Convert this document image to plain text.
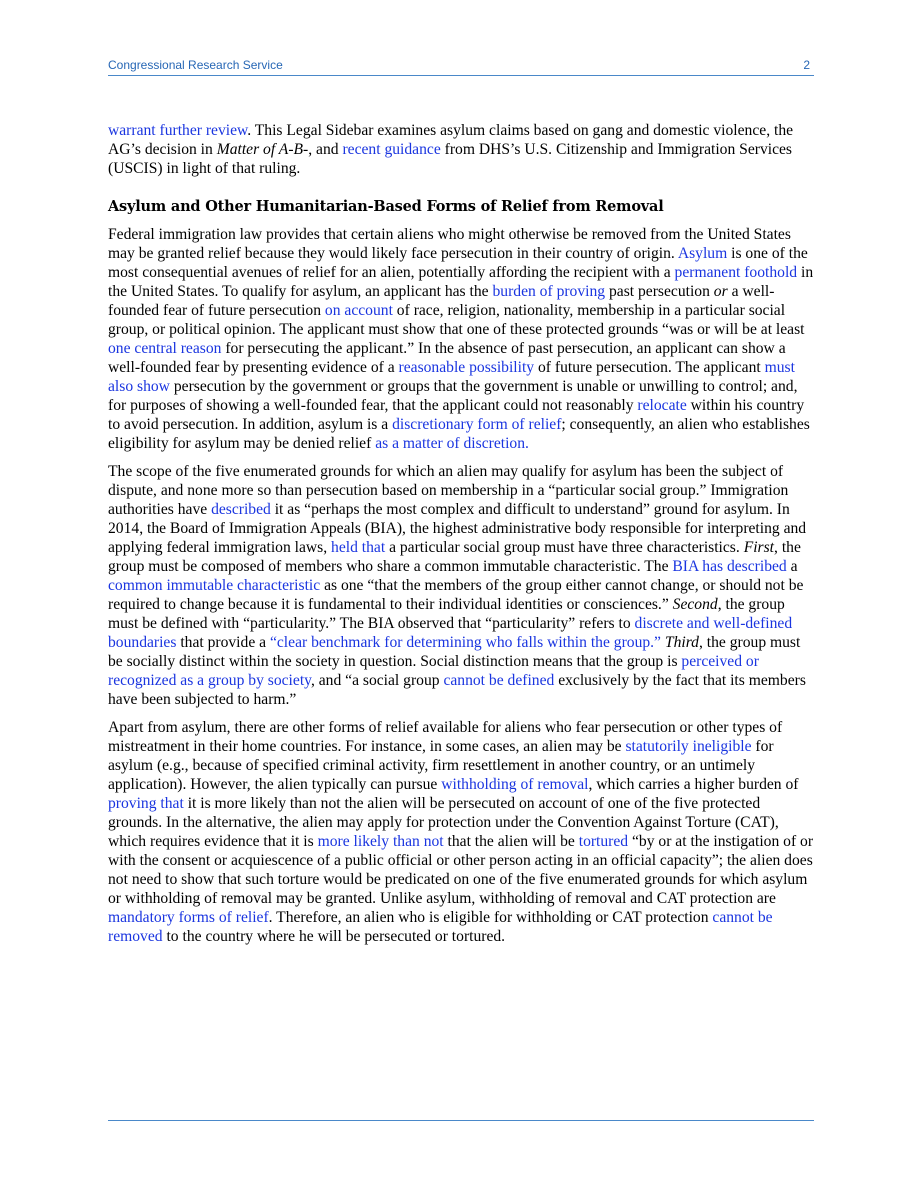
Congressional Research Service	2

warrant further review. This Legal Sidebar examines asylum claims based on gang and domestic violence, the AG’s decision in Matter of A-B-, and recent guidance from DHS’s U.S. Citizenship and Immigration Services (USCIS) in light of that ruling.

Asylum and Other Humanitarian-Based Forms of Relief from Removal

Federal immigration law provides that certain aliens who might otherwise be removed from the United States may be granted relief because they would likely face persecution in their country of origin. Asylum is one of the most consequential avenues of relief for an alien, potentially affording the recipient with a permanent foothold in the United States. To qualify for asylum, an applicant has the burden of proving past persecution or a well-founded fear of future persecution on account of race, religion, nationality, membership in a particular social group, or political opinion. The applicant must show that one of these protected grounds “was or will be at least one central reason for persecuting the applicant.” In the absence of past persecution, an applicant can show a well-founded fear by presenting evidence of a reasonable possibility of future persecution. The applicant must also show persecution by the government or groups that the government is unable or unwilling to control; and, for purposes of showing a well-founded fear, that the applicant could not reasonably relocate within his country to avoid persecution. In addition, asylum is a discretionary form of relief; consequently, an alien who establishes eligibility for asylum may be denied relief as a matter of discretion.

The scope of the five enumerated grounds for which an alien may qualify for asylum has been the subject of dispute, and none more so than persecution based on membership in a “particular social group.” Immigration authorities have described it as “perhaps the most complex and difficult to understand” ground for asylum. In 2014, the Board of Immigration Appeals (BIA), the highest administrative body responsible for interpreting and applying federal immigration laws, held that a particular social group must have three characteristics. First, the group must be composed of members who share a common immutable characteristic. The BIA has described a common immutable characteristic as one “that the members of the group either cannot change, or should not be required to change because it is fundamental to their individual identities or consciences.” Second, the group must be defined with “particularity.” The BIA observed that “particularity” refers to discrete and well-defined boundaries that provide a “clear benchmark for determining who falls within the group.” Third, the group must be socially distinct within the society in question. Social distinction means that the group is perceived or recognized as a group by society, and “a social group cannot be defined exclusively by the fact that its members have been subjected to harm.”

Apart from asylum, there are other forms of relief available for aliens who fear persecution or other types of mistreatment in their home countries. For instance, in some cases, an alien may be statutorily ineligible for asylum (e.g., because of specified criminal activity, firm resettlement in another country, or an untimely application). However, the alien typically can pursue withholding of removal, which carries a higher burden of proving that it is more likely than not the alien will be persecuted on account of one of the five protected grounds. In the alternative, the alien may apply for protection under the Convention Against Torture (CAT), which requires evidence that it is more likely than not that the alien will be tortured “by or at the instigation of or with the consent or acquiescence of a public official or other person acting in an official capacity”; the alien does not need to show that such torture would be predicated on one of the five enumerated grounds for which asylum or withholding of removal may be granted. Unlike asylum, withholding of removal and CAT protection are mandatory forms of relief. Therefore, an alien who is eligible for withholding or CAT protection cannot be removed to the country where he will be persecuted or tortured.
